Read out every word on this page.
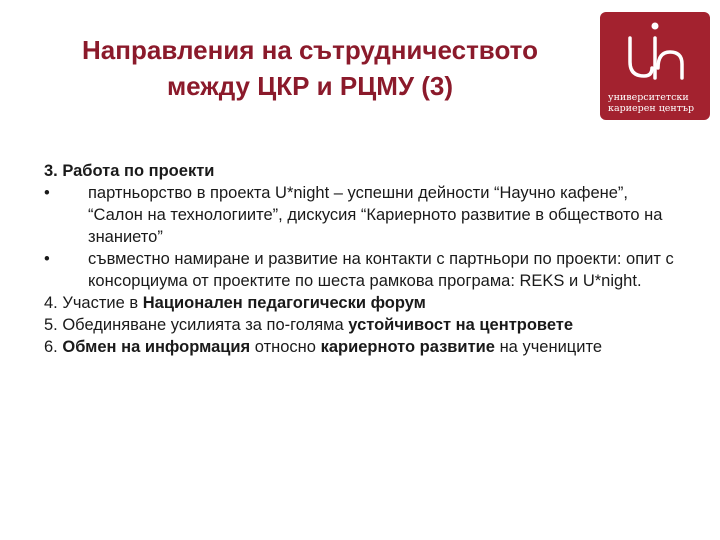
Направления на сътрудничеството
между ЦКР и РЦМУ (3)	университетски
кариерен център
3. Работа по проекти
• партньорство в проекта U*night – успешни дейности “Научно кафене”, “Салон на технологиите”, дискусия “Кариерното развитие в обществото на знанието”
• съвместно намиране и развитие на контакти с партньори по проекти: опит с консорциума от проектите по шеста рамкова програма: REKS и U*night.
4. Участие в Национален педагогически форум
5. Обединяване усилията за по-голяма устойчивост на центровете
6. Обмен на информация относно кариерното развитие на учениците
